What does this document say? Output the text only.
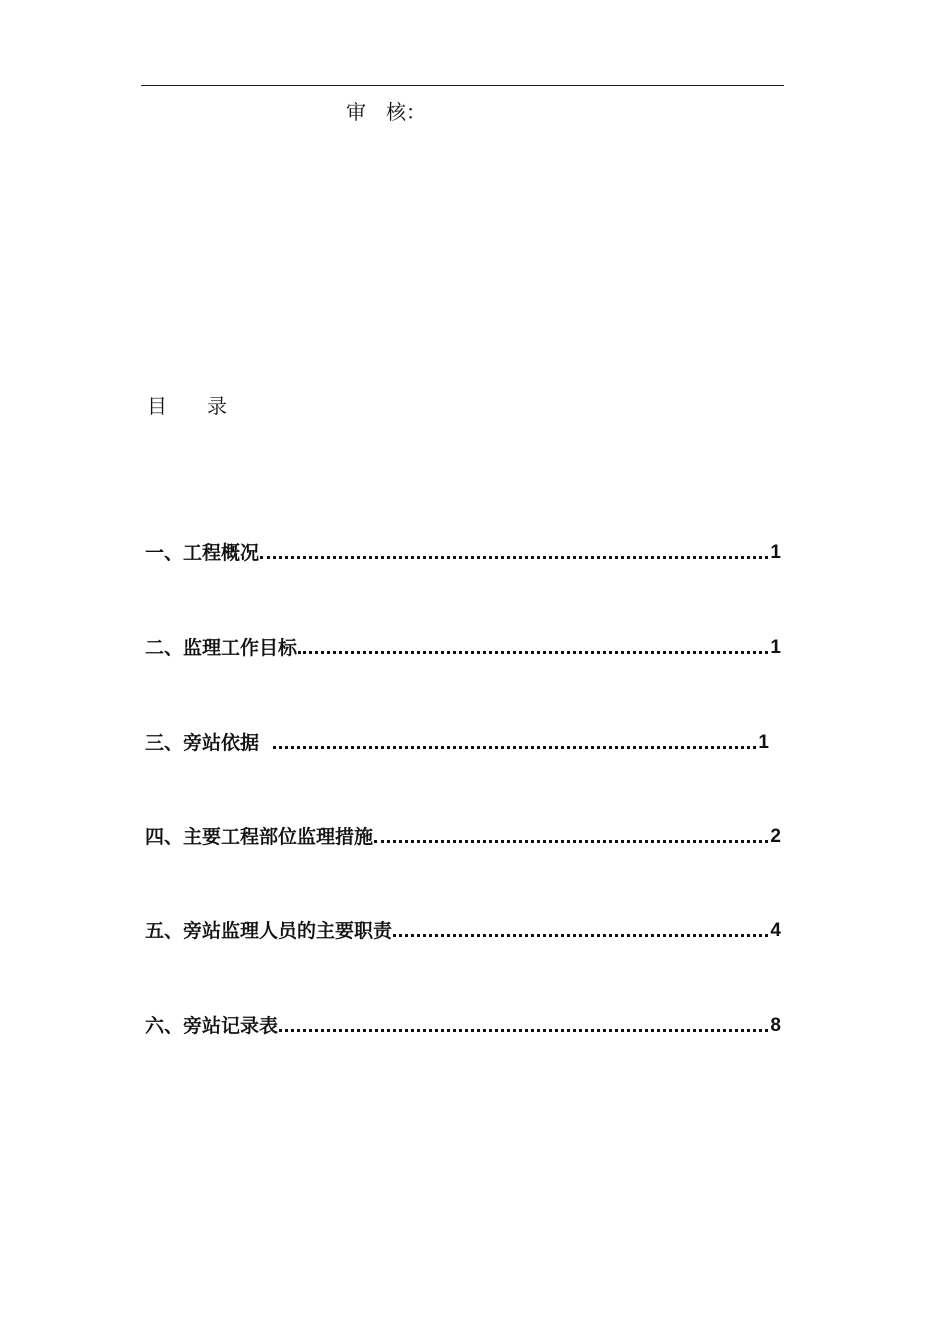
审　核：
目　　录
一、工程概况	1
二、监理工作目标	1
三、旁站依据	1
四、主要工程部位监理措施	2
五、旁站监理人员的主要职责	4
六、旁站记录表	8
